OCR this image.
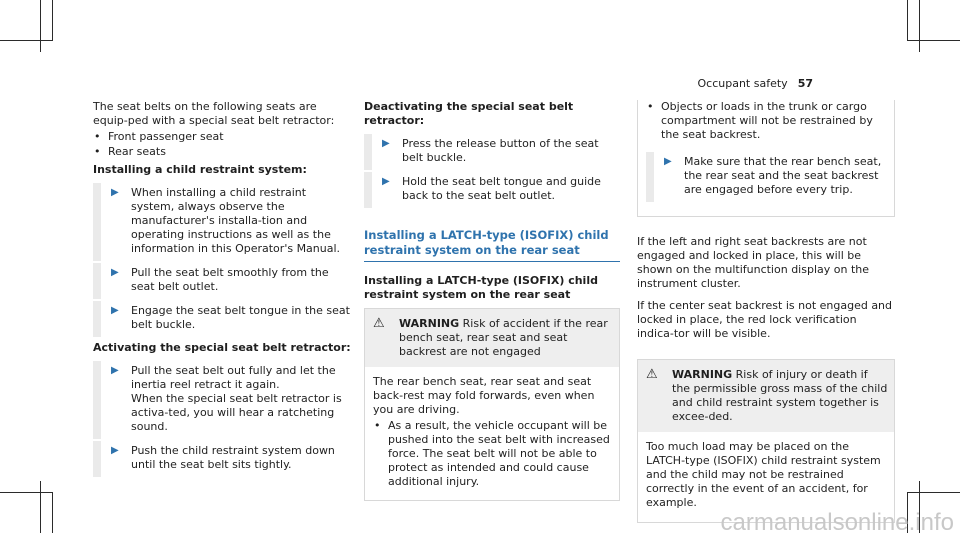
Occupant safety 57

The seat belts on the following seats are equip-ped with a special seat belt retractor:

• Front passenger seat
• Rear seats
Installing a child restraint system:
▶	When installing a child restraint system, always observe the manufacturer's installa-tion and operating instructions as well as the information in this Operator's Manual.
▶	Pull the seat belt smoothly from the seat belt outlet.
▶	Engage the seat belt tongue in the seat belt buckle.
Activating the special seat belt retractor:
▶	Pull the seat belt out fully and let the inertia reel retract it again.
When the special seat belt retractor is activa-ted, you will hear a ratcheting sound.
▶	Push the child restraint system down until the seat belt sits tightly.
Deactivating the special seat belt retractor:
▶	Press the release button of the seat belt buckle.
▶	Hold the seat belt tongue and guide back to the seat belt outlet.
Installing a LATCH-type (ISOFIX) child restraint system on the rear seat
Installing a LATCH-type (ISOFIX) child restraint system on the rear seat
⚠	WARNING Risk of accident if the rear bench seat, rear seat and seat backrest are not engaged

The rear bench seat, rear seat and seat back-rest may fold forwards, even when you are driving.

• As a result, the vehicle occupant will be pushed into the seat belt with increased force. The seat belt will not be able to protect as intended and could cause additional injury.
• Objects or loads in the trunk or cargo compartment will not be restrained by the seat backrest.
▶	Make sure that the rear bench seat, the rear seat and the seat backrest are engaged before every trip.

If the left and right seat backrests are not engaged and locked in place, this will be shown on the multifunction display on the instrument cluster.

If the center seat backrest is not engaged and locked in place, the red lock verification indica-tor will be visible.

⚠	WARNING Risk of injury or death if the permissible gross mass of the child and child restraint system together is excee-ded.

Too much load may be placed on the LATCH-type (ISOFIX) child restraint system and the child may not be restrained correctly in the event of an accident, for example.

carmanualsonline.info
